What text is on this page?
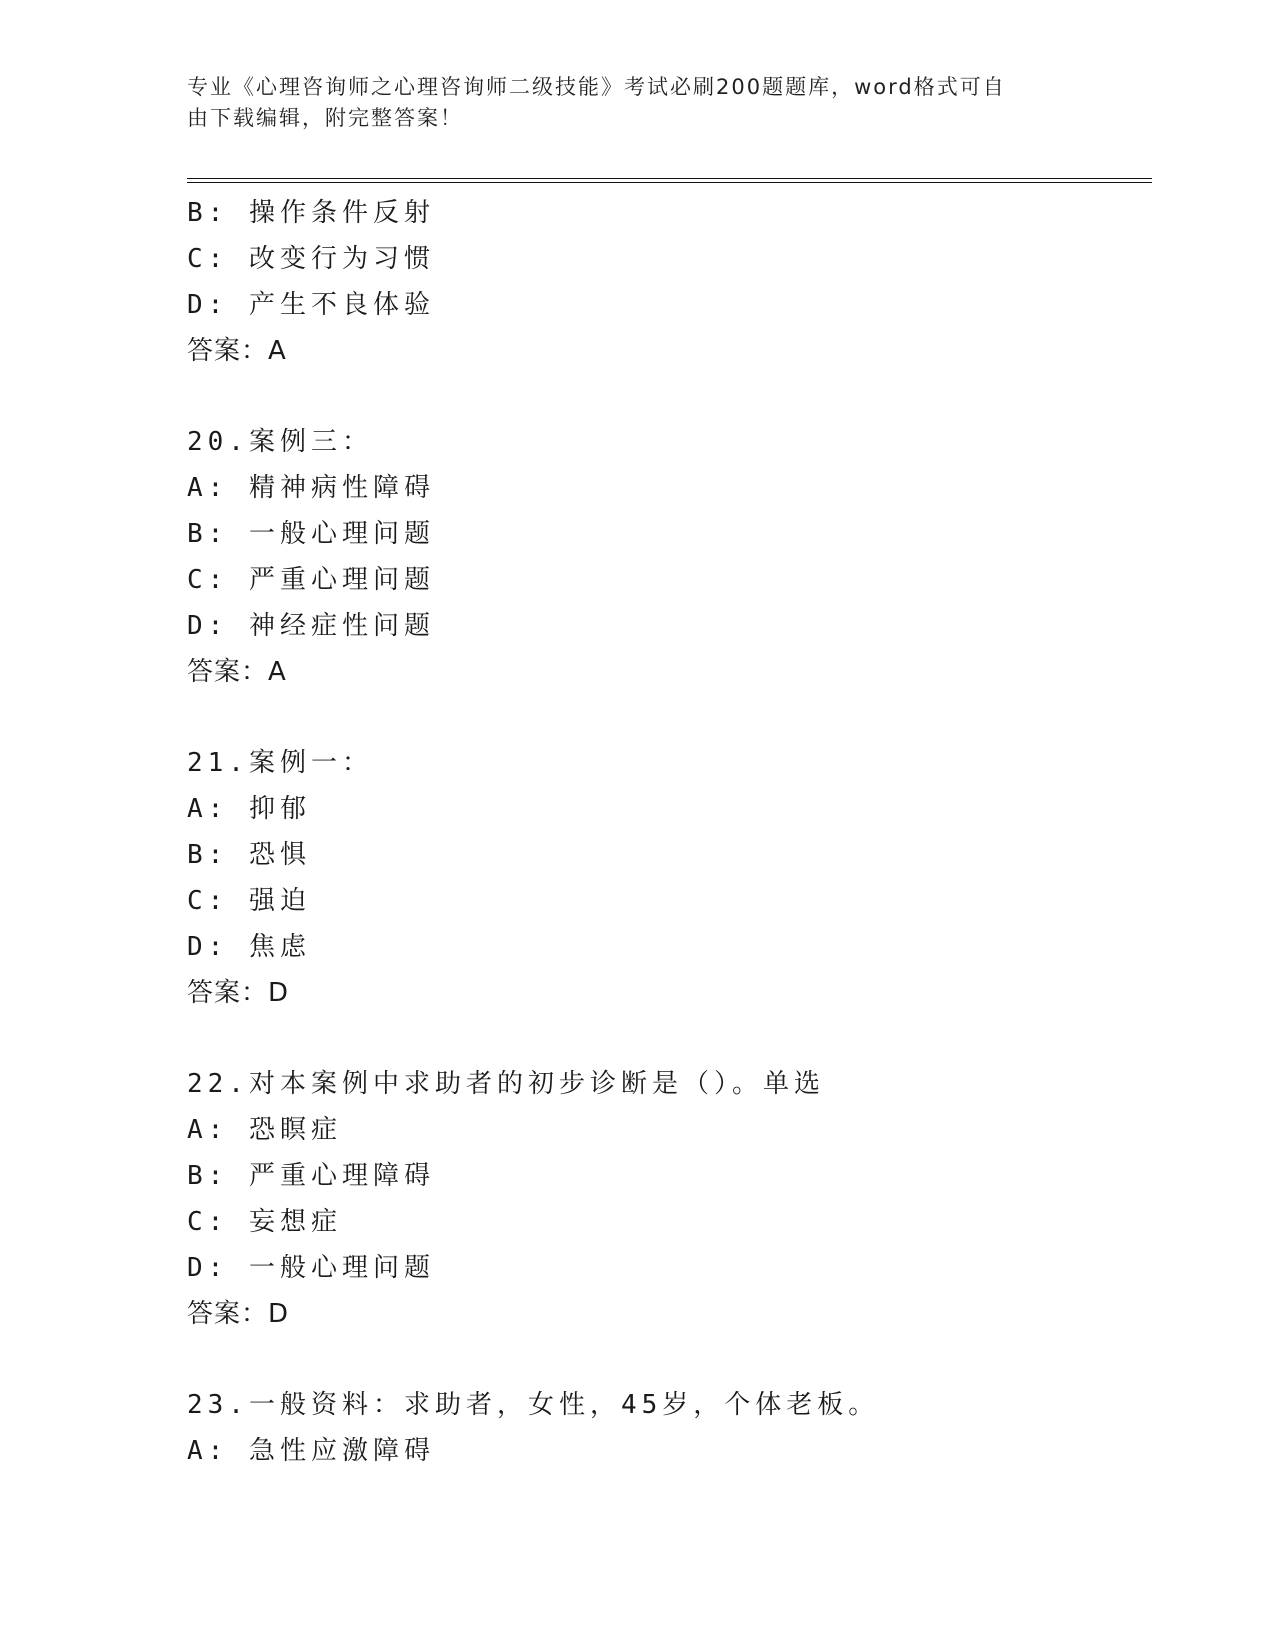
专业《心理咨询师之心理咨询师二级技能》考试必刷200题题库，word格式可自
由下载编辑，附完整答案！
B: 操作条件反射
C: 改变行为习惯
D: 产生不良体验
答案：A
20.案例三：
A: 精神病性障碍
B: 一般心理问题
C: 严重心理问题
D: 神经症性问题
答案：A
21.案例一：
A: 抑郁
B: 恐惧
C: 强迫
D: 焦虑
答案：D
22.对本案例中求助者的初步诊断是（）。单选
A: 恐瞑症
B: 严重心理障碍
C: 妄想症
D: 一般心理问题
答案：D
23.一般资料：求助者，女性，45岁，个体老板。
A: 急性应激障碍
